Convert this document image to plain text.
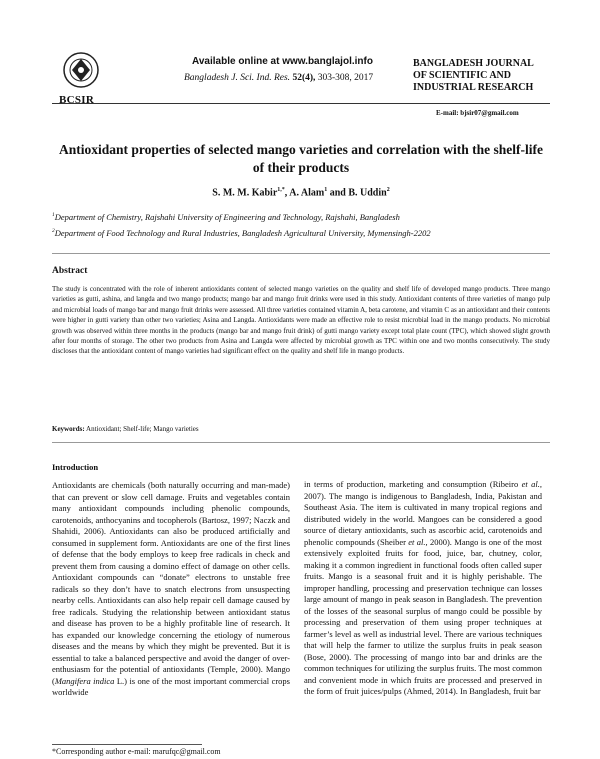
BCSIR
Available online at www.banglajol.info
Bangladesh J. Sci. Ind. Res. 52(4), 303-308, 2017
BANGLADESH JOURNAL
OF SCIENTIFIC AND
INDUSTRIAL RESEARCH
E-mail: bjsir07@gmail.com
Antioxidant properties of selected mango varieties and correlation with the shelf-life
of their products
S. M. M. Kabir$^{1,*}$, A. Alam$^1$ and B. Uddin$^2$
$^1$Department of Chemistry, Rajshahi University of Engineering and Technology, Rajshahi, Bangladesh
$^2$Department of Food Technology and Rural Industries, Bangladesh Agricultural University, Mymensingh-2202
Abstract
The study is concentrated with the role of inherent antioxidants content of selected mango varieties on the quality and shelf life of developed mango products. Three mango varieties as gutti, ashina, and langda and two mango products; mango bar and mango fruit drinks were used in this study. Antioxidant contents of three varieties of mango pulp and microbial loads of mango bar and mango fruit drinks were assessed. All three varieties contained vitamin A, beta carotene, and vitamin C as an antioxidant and their contents were higher in gutti variety than other two varieties; Asina and Langda. Antioxidants were made an effective role to resist microbial load in the mango products. No microbial growth was observed within three months in the products (mango bar and mango fruit drink) of gutti mango variety except total plate count (TPC), which showed slight growth after four months of storage. The other two products from Asina and Langda were affected by microbial growth as TPC within one and two months consecutively. The study discloses that the antioxidant content of mango varieties had significant effect on the quality and shelf life in mango products.
Keywords: Antioxidant; Shelf-life; Mango varieties
Introduction

Antioxidants are chemicals (both naturally occurring and man-made) that can prevent or slow cell damage. Fruits and vegetables contain many antioxidant compounds including phenolic compounds, carotenoids, anthocyanins and tocopherols (Bartosz, 1997; Naczk and Shahidi, 2006). Antioxidants can also be produced artificially and consumed in supplement form. Antioxidants are one of the first lines of defense that the body employs to keep free radicals in check and prevent them from causing a domino effect of damage on other cells. Antioxidant compounds can “donate” electrons to unstable free radicals so they don’t have to snatch electrons from unsuspecting nearby cells. Antioxidants can also help repair cell damage caused by free radicals. Studying the relationship between antioxidant status and disease has proven to be a highly profitable line of research. It has expanded our knowledge concerning the etiology of numerous diseases and the means by which they might be prevented. But it is essential to take a balanced perspective and avoid the danger of over-enthusiasm for the potential of antioxidants (Temple, 2000). Mango (Mangifera indica L.) is one of the most important commercial crops worldwide

in terms of production, marketing and consumption (Ribeiro et al., 2007). The mango is indigenous to Bangladesh, India, Pakistan and Southeast Asia. The item is cultivated in many tropical regions and distributed widely in the world. Mangoes can be considered a good source of dietary antioxidants, such as ascorbic acid, carotenoids and phenolic compounds (Sheiber et al., 2000). Mango is one of the most extensively exploited fruits for food, juice, bar, chutney, color, making it a common ingredient in functional foods often called super fruits. Mango is a seasonal fruit and it is highly perishable. The improper handling, processing and preservation technique can losses large amount of mango in peak season in Bangladesh. The prevention of the losses of the seasonal surplus of mango could be possible by processing and preservation of them using proper techniques at farmer’s level as well as industrial level. There are various techniques that will help the farmer to utilize the surplus fruits in peak season (Bose, 2000). The processing of mango into bar and drinks are the common techniques for utilizing the surplus fruits. The most common and convenient mode in which fruits are processed and preserved in the form of fruit juices/pulps (Ahmed, 2014). In Bangladesh, fruit bar

*Corresponding author e-mail: marufqc@gmail.com
